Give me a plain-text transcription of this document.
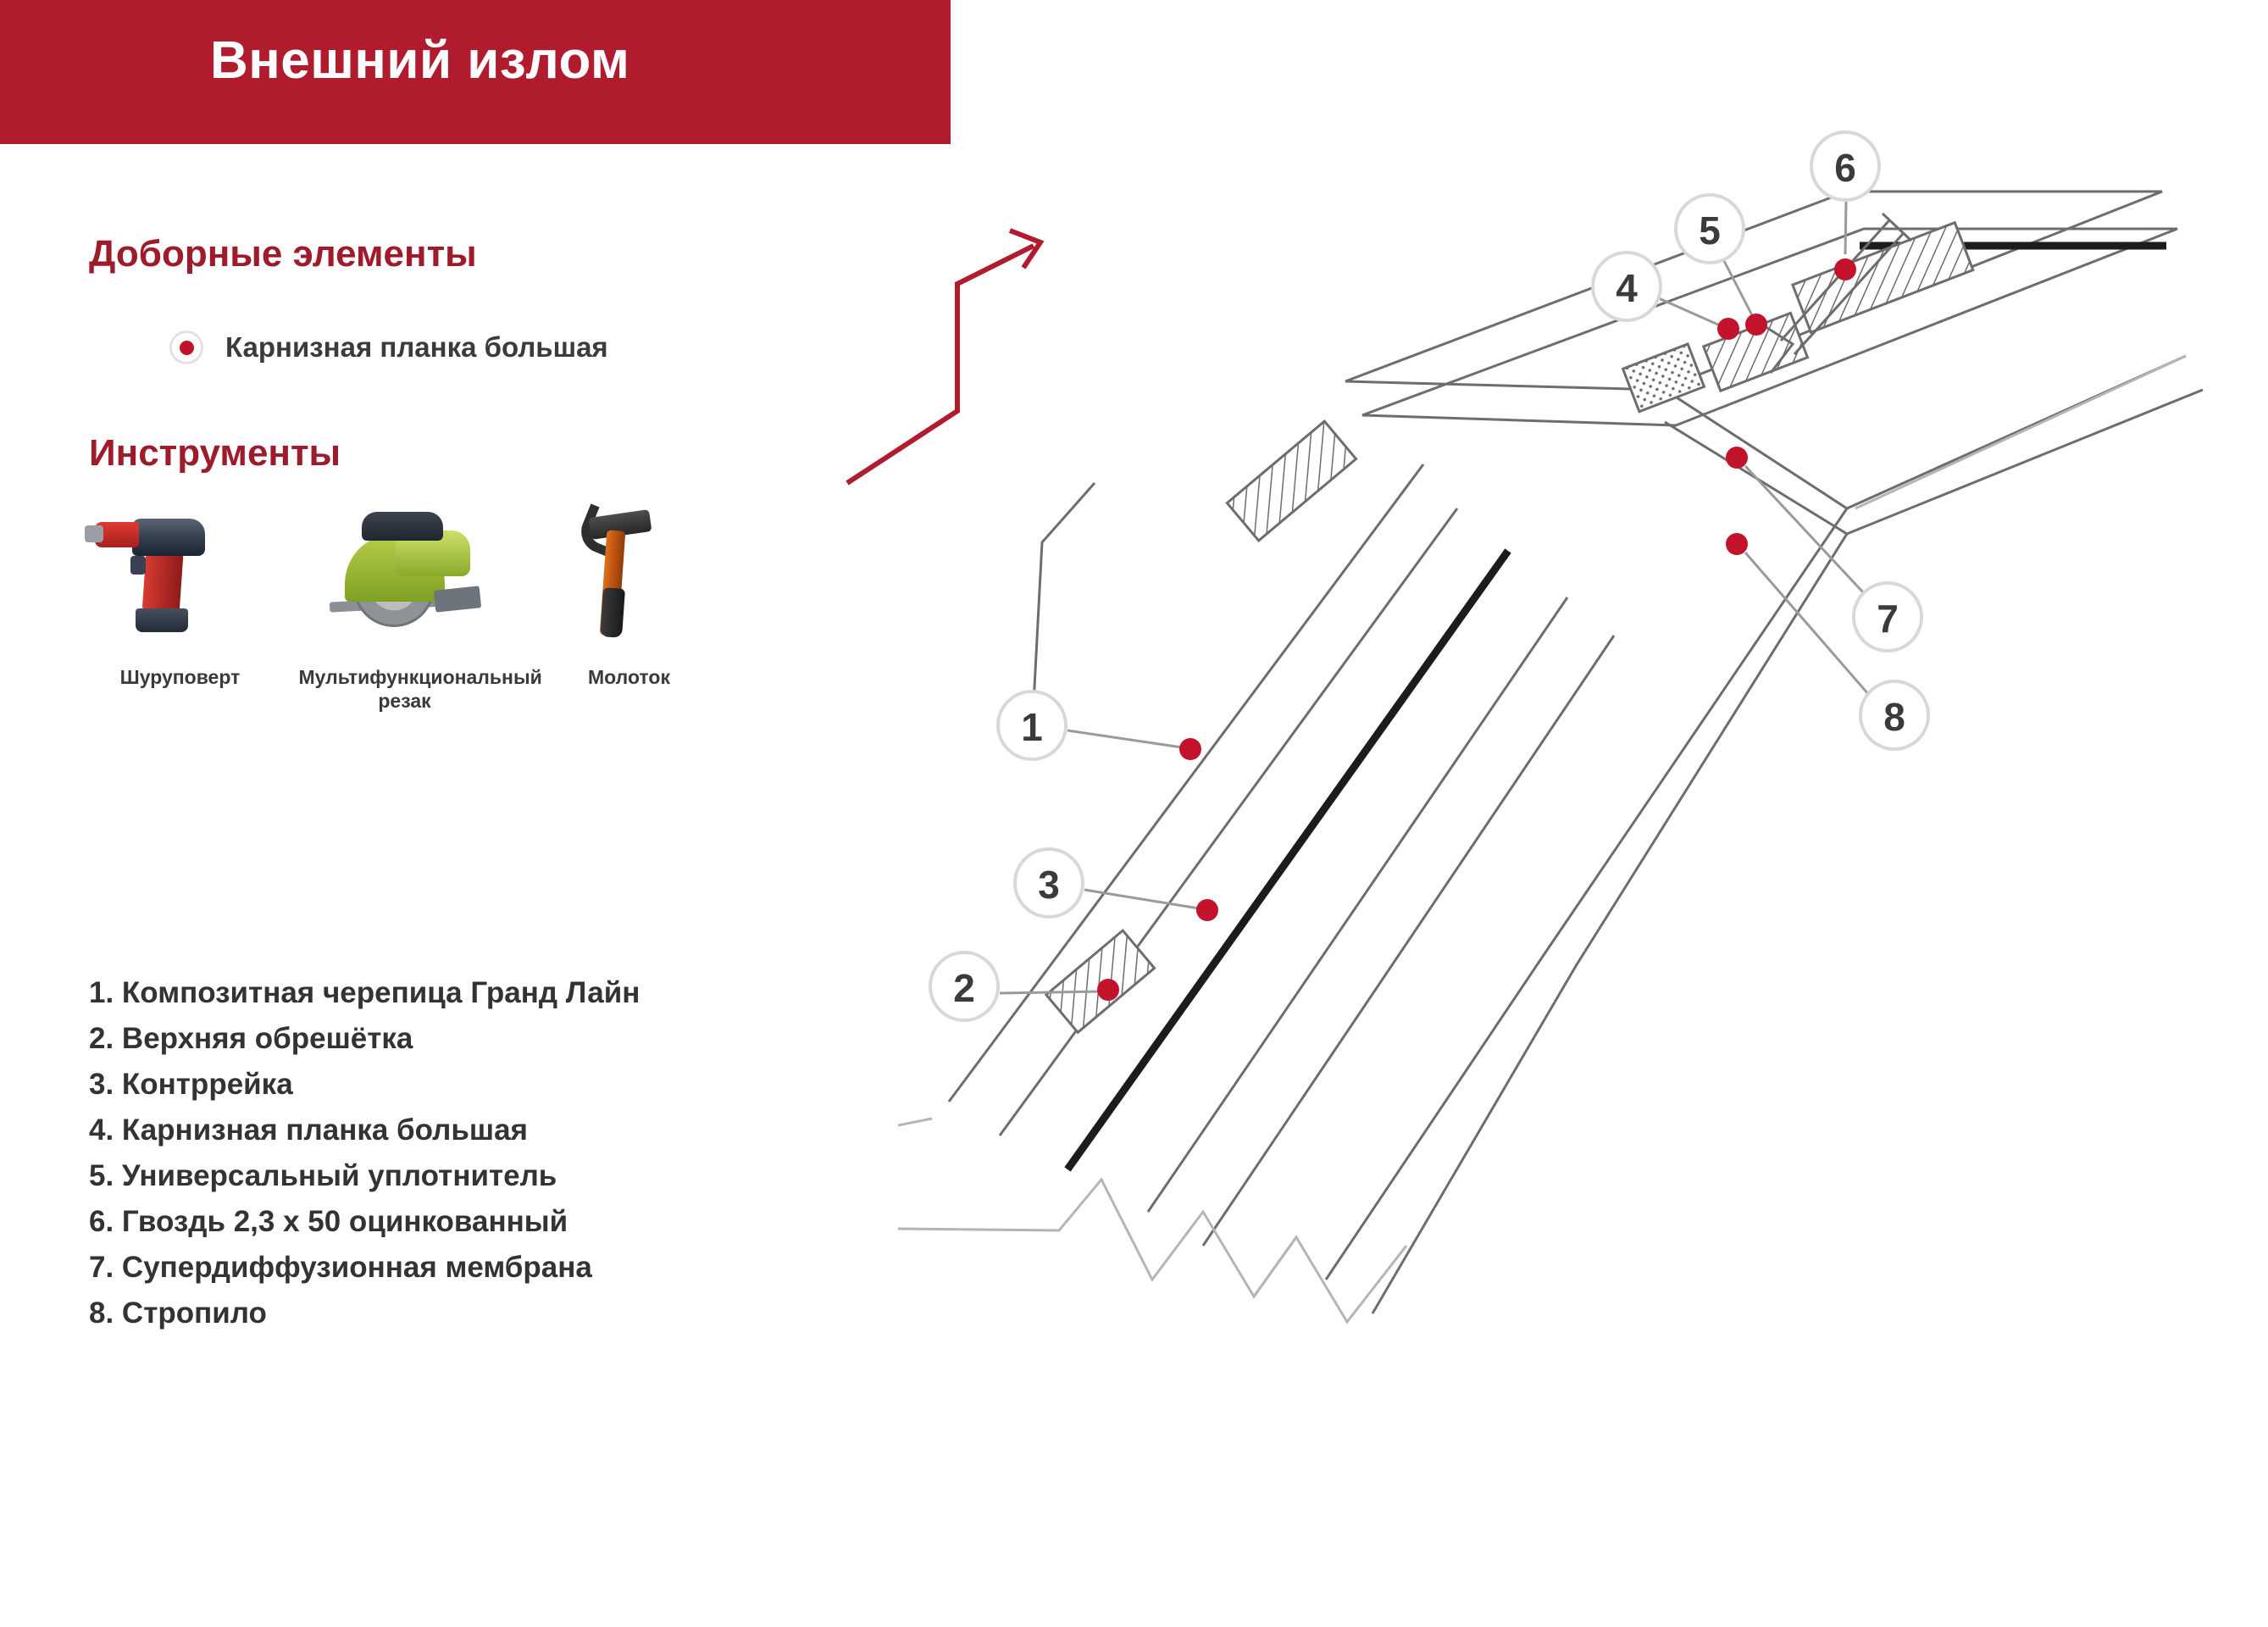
Внешний излом
Доборные элементы
Карнизная планка большая
Инструменты
Шуруповерт	Мультифункциональный резак
Молоток
1. Композитная черепица Гранд Лайн
2. Верхняя обрешётка
3. Контррейка
4. Карнизная планка большая
5. Универсальный уплотнитель
6. Гвоздь 2,3 х 50 оцинкованный
7. Супердиффузионная мембрана
8. Стропило
6
5
4
7
8
1
3
2
